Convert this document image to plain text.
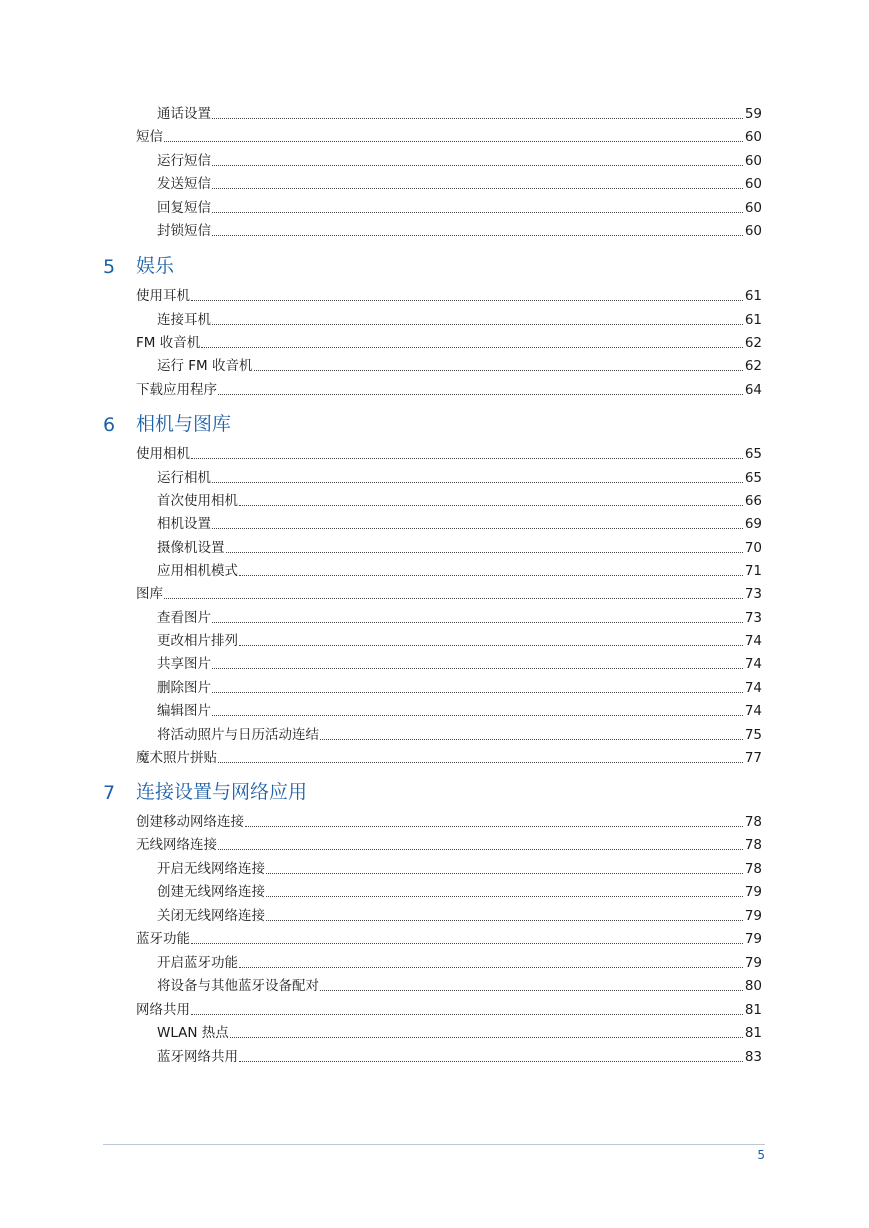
通话设置	59
短信	60
运行短信	60
发送短信	60
回复短信	60
封锁短信	60
5	娱乐
使用耳机	61
连接耳机	61
FM 收音机	62
运行 FM 收音机	62
下载应用程序	64
6	相机与图库
使用相机	65
运行相机	65
首次使用相机	66
相机设置	69
摄像机设置	70
应用相机模式	71
图库	73
查看图片	73
更改相片排列	74
共享图片	74
删除图片	74
编辑图片	74
将活动照片与日历活动连结	75
魔术照片拼贴	77
7	连接设置与网络应用
创建移动网络连接	78
无线网络连接	78
开启无线网络连接	78
创建无线网络连接	79
关闭无线网络连接	79
蓝牙功能	79
开启蓝牙功能	79
将设备与其他蓝牙设备配对	80
网络共用	81
WLAN 热点	81
蓝牙网络共用	83
5
